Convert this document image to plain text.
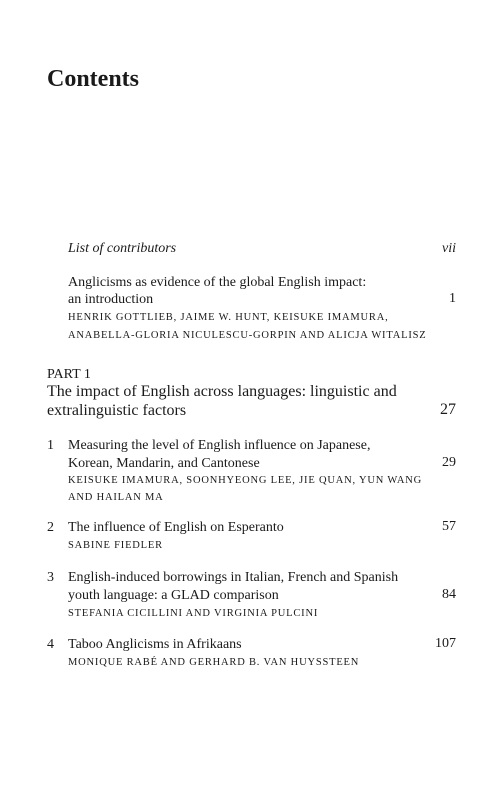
Contents
List of contributors	vii
Anglicisms as evidence of the global English impact:
an introduction	1
HENRIK GOTTLIEB, JAIME W. HUNT, KEISUKE IMAMURA,
ANABELLA-GLORIA NICULESCU-GORPIN AND ALICJA WITALISZ
PART 1
The impact of English across languages: linguistic and
extralinguistic factors	27
1 Measuring the level of English influence on Japanese,
Korean, Mandarin, and Cantonese	29
KEISUKE IMAMURA, SOONHYEONG LEE, JIE QUAN, YUN WANG
AND HAILAN MA
2 The influence of English on Esperanto	57
SABINE FIEDLER
3 English-induced borrowings in Italian, French and Spanish
youth language: a GLAD comparison	84
STEFANIA CICILLINI AND VIRGINIA PULCINI
4 Taboo Anglicisms in Afrikaans	107
MONIQUE RABÉ AND GERHARD B. VAN HUYSSTEEN
